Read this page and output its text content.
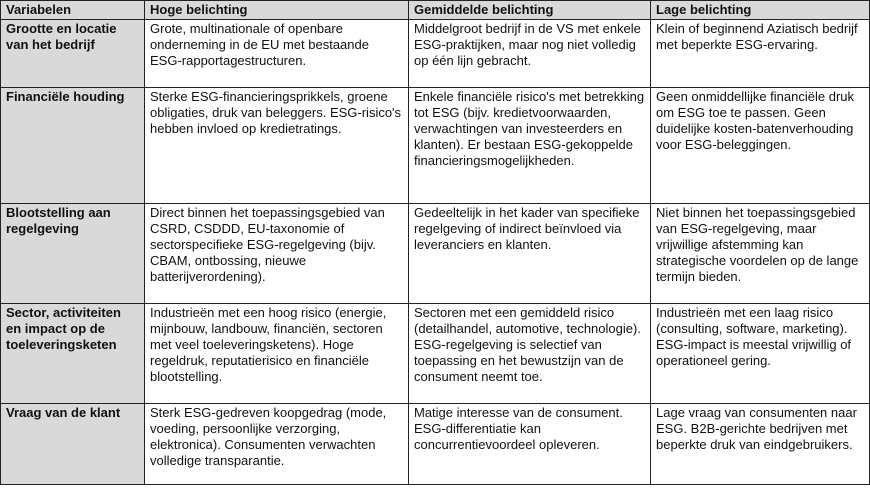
Variabelen	Hoge belichting	Gemiddelde belichting	Lage belichting
Grootte en locatie van het bedrijf	Grote, multinationale of openbare onderneming in de EU met bestaande ESG-rapportagestructuren.	Middelgroot bedrijf in de VS met enkele ESG-praktijken, maar nog niet volledig op één lijn gebracht.	Klein of beginnend Aziatisch bedrijf met beperkte ESG-ervaring.
Financiële houding	Sterke ESG-financieringsprikkels, groene obligaties, druk van beleggers. ESG-risico's hebben invloed op kredietratings.	Enkele financiële risico's met betrekking tot ESG (bijv. kredietvoorwaarden, verwachtingen van investeerders en klanten). Er bestaan ESG-gekoppelde financieringsmogelijkheden.	Geen onmiddellijke financiële druk om ESG toe te passen. Geen duidelijke kosten-batenverhouding voor ESG-beleggingen.
Blootstelling aan regelgeving	Direct binnen het toepassingsgebied van CSRD, CSDDD, EU-taxonomie of sectorspecifieke ESG-regelgeving (bijv. CBAM, ontbossing, nieuwe batterijverordening).	Gedeeltelijk in het kader van specifieke regelgeving of indirect beïnvloed via leveranciers en klanten.	Niet binnen het toepassingsgebied van ESG-regelgeving, maar vrijwillige afstemming kan strategische voordelen op de lange termijn bieden.
Sector, activiteiten en impact op de toeleveringsketen	Industrieën met een hoog risico (energie, mijnbouw, landbouw, financiën, sectoren met veel toeleveringsketens). Hoge regeldruk, reputatierisico en financiële blootstelling.	Sectoren met een gemiddeld risico (detailhandel, automotive, technologie). ESG-regelgeving is selectief van toepassing en het bewustzijn van de consument neemt toe.	Industrieën met een laag risico (consulting, software, marketing). ESG-impact is meestal vrijwillig of operationeel gering.
Vraag van de klant	Sterk ESG-gedreven koopgedrag (mode, voeding, persoonlijke verzorging, elektronica). Consumenten verwachten volledige transparantie.	Matige interesse van de consument. ESG-differentiatie kan concurrentievoordeel opleveren.	Lage vraag van consumenten naar ESG. B2B-gerichte bedrijven met beperkte druk van eindgebruikers.
